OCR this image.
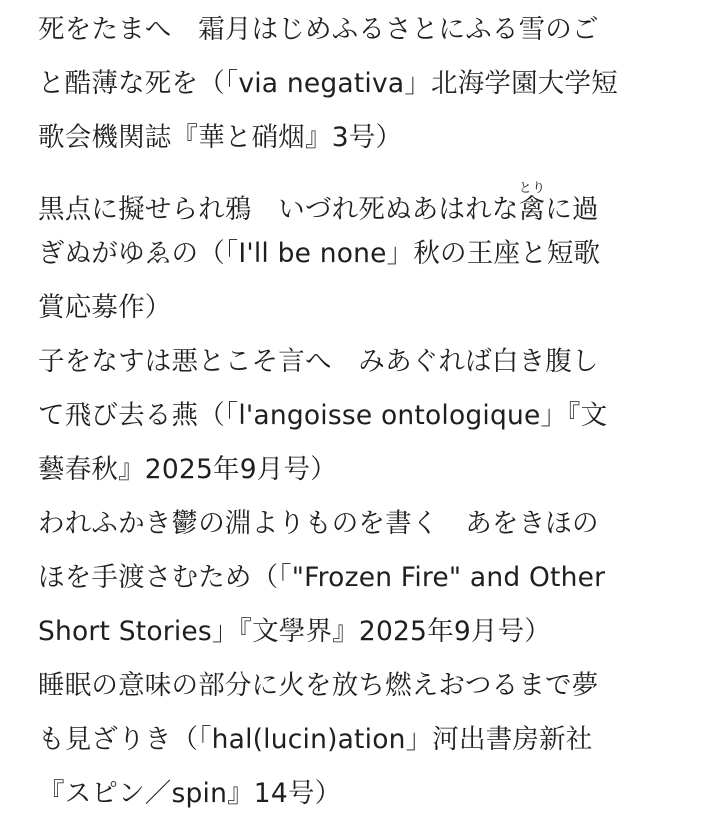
死をたまへ　霜月はじめふるさとにふる雪のご
と酷薄な死を（「via negativa」北海学園大学短
歌会機関誌『華と硝烟』3号）
黒点に擬せられ鴉　いづれ死ぬあはれな禽とりに過
ぎぬがゆゑの（「I'll be none」秋の王座と短歌
賞応募作）
子をなすは悪とこそ言へ　みあぐれば白き腹し
て飛び去る燕（「l'angoisse ontologique」『文
藝春秋』2025年9月号）
われふかき鬱の淵よりものを書く　あをきほの
ほを手渡さむため（「"Frozen Fire" and Other
Short Stories」『文學界』2025年9月号）
睡眠の意味の部分に火を放ち燃えおつるまで夢
も見ざりき（「hal(lucin)ation」河出書房新社
『スピン／spin』14号）
